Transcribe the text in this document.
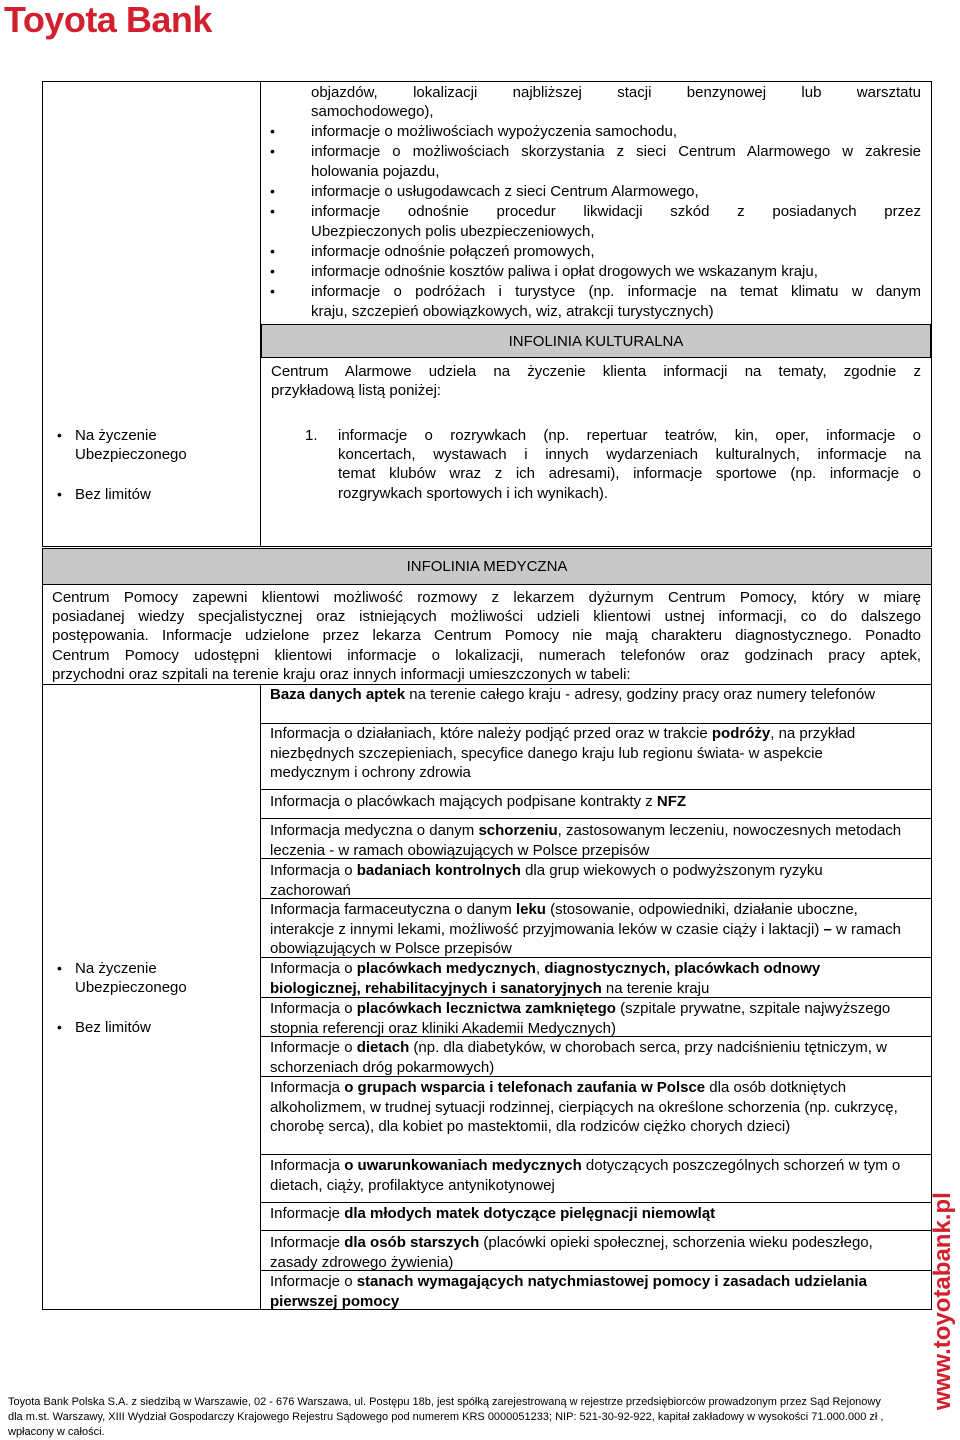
Toyota Bank
objazdów, lokalizacji najbliższej stacji benzynowej lub warsztatu
samochodowego),
• informacje o możliwościach wypożyczenia samochodu,
• informacje o możliwościach skorzystania z sieci Centrum Alarmowego w zakresie
holowania pojazdu,
• informacje o usługodawcach z sieci Centrum Alarmowego,
• informacje odnośnie procedur likwidacji szkód z posiadanych przez
Ubezpieczonych polis ubezpieczeniowych,
• informacje odnośnie połączeń promowych,
• informacje odnośnie kosztów paliwa i opłat drogowych we wskazanym kraju,
• informacje o podróżach i turystyce (np. informacje na temat klimatu w danym
kraju, szczepień obowiązkowych, wiz, atrakcji turystycznych)
INFOLINIA KULTURALNA
Centrum Alarmowe udziela na życzenie klienta informacji na tematy, zgodnie z
przykładową listą poniżej:
1. informacje o rozrywkach (np. repertuar teatrów, kin, oper, informacje o
koncertach, wystawach i innych wydarzeniach kulturalnych, informacje na
temat klubów wraz z ich adresami), informacje sportowe (np. informacje o
rozgrywkach sportowych i ich wynikach).
• Na życzenie
Ubezpieczonego
• Bez limitów
INFOLINIA MEDYCZNA
Centrum Pomocy zapewni klientowi możliwość rozmowy z lekarzem dyżurnym Centrum Pomocy, który w miarę
posiadanej wiedzy specjalistycznej oraz istniejących możliwości udzieli klientowi ustnej informacji, co do dalszego
postępowania. Informacje udzielone przez lekarza Centrum Pomocy nie mają charakteru diagnostycznego. Ponadto
Centrum Pomocy udostępni klientowi informacje o lokalizacji, numerach telefonów oraz godzinach pracy aptek,
przychodni oraz szpitali na terenie kraju oraz innych informacji umieszczonych w tabeli:
Baza danych aptek na terenie całego kraju - adresy, godziny pracy oraz numery telefonów
Informacja o działaniach, które należy podjąć przed oraz w trakcie podróży, na przykład niezbędnych szczepieniach, specyfice danego kraju lub regionu świata- w aspekcie medycznym i ochrony zdrowia
Informacja o placówkach mających podpisane kontrakty z NFZ
Informacja medyczna o danym schorzeniu, zastosowanym leczeniu, nowoczesnych metodach leczenia - w ramach obowiązujących w Polsce przepisów
Informacja o badaniach kontrolnych dla grup wiekowych o podwyższonym ryzyku zachorowań
Informacja farmaceutyczna o danym leku (stosowanie, odpowiedniki, działanie uboczne, interakcje z innymi lekami, możliwość przyjmowania leków w czasie ciąży i laktacji) – w ramach obowiązujących w Polsce przepisów
Informacja o placówkach medycznych, diagnostycznych, placówkach odnowy biologicznej, rehabilitacyjnych i sanatoryjnych na terenie kraju
Informacja o placówkach lecznictwa zamkniętego (szpitale prywatne, szpitale najwyższego stopnia referencji oraz kliniki Akademii Medycznych)
Informacje o dietach (np. dla diabetyków, w chorobach serca, przy nadciśnieniu tętniczym, w schorzeniach dróg pokarmowych)
Informacja o grupach wsparcia i telefonach zaufania w Polsce dla osób dotkniętych alkoholizmem, w trudnej sytuacji rodzinnej, cierpiących na określone schorzenia (np. cukrzycę, chorobę serca), dla kobiet po mastektomii, dla rodziców ciężko chorych dzieci)
Informacja o uwarunkowaniach medycznych dotyczących poszczególnych schorzeń w tym o dietach, ciąży, profilaktyce antynikotynowej
Informacje dla młodych matek dotyczące pielęgnacji niemowląt
Informacje dla osób starszych (placówki opieki społecznej, schorzenia wieku podeszłego, zasady zdrowego żywienia)
Informacje o stanach wymagających natychmiastowej pomocy i zasadach udzielania pierwszej pomocy
• Na życzenie
Ubezpieczonego
• Bez limitów
www.toyotabank.pl
Toyota Bank Polska S.A. z siedzibą w Warszawie, 02 - 676 Warszawa, ul. Postępu 18b, jest spółką zarejestrowaną w rejestrze przedsiębiorców prowadzonym przez Sąd Rejonowy
dla m.st. Warszawy, XIII Wydział Gospodarczy Krajowego Rejestru Sądowego pod numerem KRS 0000051233; NIP: 521-30-92-922, kapitał zakładowy w wysokości 71.000.000 zł ,
wpłacony w całości.
